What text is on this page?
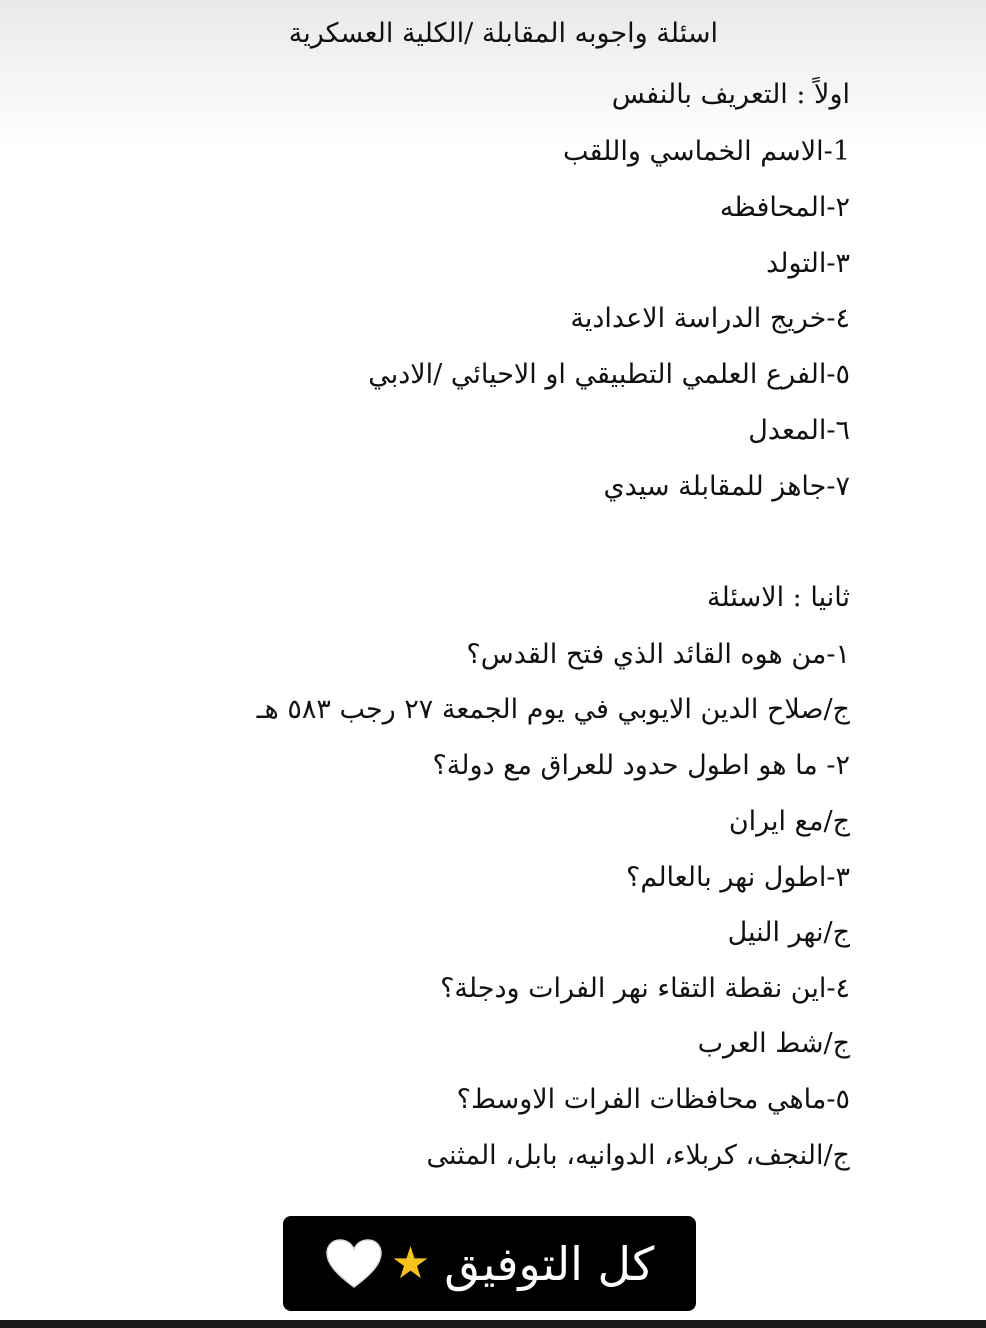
اسئلة واجوبه المقابلة /الكلية العسكرية
اولاً : التعريف بالنفس
1-الاسم الخماسي واللقب
٢-المحافظه
٣-التولد
٤-خريج الدراسة الاعدادية
٥-الفرع العلمي التطبيقي او الاحيائي /الادبي
٦-المعدل
٧-جاهز للمقابلة سيدي
ثانيا : الاسئلة
١-من هوه القائد الذي فتح القدس؟
ج/صلاح الدين الايوبي في يوم الجمعة ٢٧ رجب ٥٨٣ هـ
٢- ما هو اطول حدود للعراق مع دولة؟
ج/مع ايران
٣-اطول نهر بالعالم؟
ج/نهر النيل
٤-اين نقطة التقاء نهر الفرات ودجلة؟
ج/شط العرب
٥-ماهي محافظات الفرات الاوسط؟
ج/النجف، كربلاء، الدوانيه، بابل، المثنى
كل التوفيق
★
